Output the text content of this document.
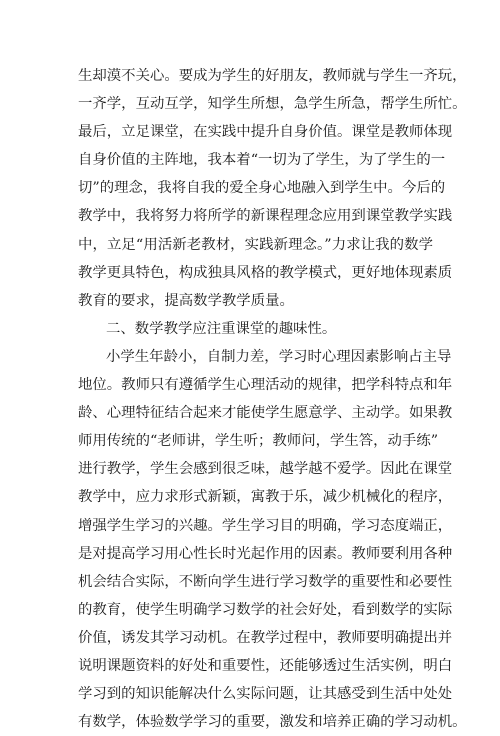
生却漠不关心。要成为学生的好朋友，教师就与学生一齐玩，
一齐学，互动互学，知学生所想，急学生所急，帮学生所忙。
最后，立足课堂，在实践中提升自身价值。课堂是教师体现
自身价值的主阵地，我本着“一切为了学生，为了学生的一
切”的理念，我将自我的爱全身心地融入到学生中。今后的
教学中，我将努力将所学的新课程理念应用到课堂教学实践
中，立足“用活新老教材，实践新理念。”力求让我的数学
教学更具特色，构成独具风格的教学模式，更好地体现素质
教育的要求，提高数学教学质量。
二、数学教学应注重课堂的趣味性。
小学生年龄小，自制力差，学习时心理因素影响占主导
地位。教师只有遵循学生心理活动的规律，把学科特点和年
龄、心理特征结合起来才能使学生愿意学、主动学。如果教
师用传统的“老师讲，学生听；教师问，学生答，动手练”
进行教学，学生会感到很乏味，越学越不爱学。因此在课堂
教学中，应力求形式新颖，寓教于乐，减少机械化的程序，
增强学生学习的兴趣。学生学习目的明确，学习态度端正，
是对提高学习用心性长时光起作用的因素。教师要利用各种
机会结合实际，不断向学生进行学习数学的重要性和必要性
的教育，使学生明确学习数学的社会好处，看到数学的实际
价值，诱发其学习动机。在教学过程中，教师要明确提出并
说明课题资料的好处和重要性，还能够透过生活实例，明白
学习到的知识能解决什么实际问题，让其感受到生活中处处
有数学，体验数学学习的重要，激发和培养正确的学习动机。
